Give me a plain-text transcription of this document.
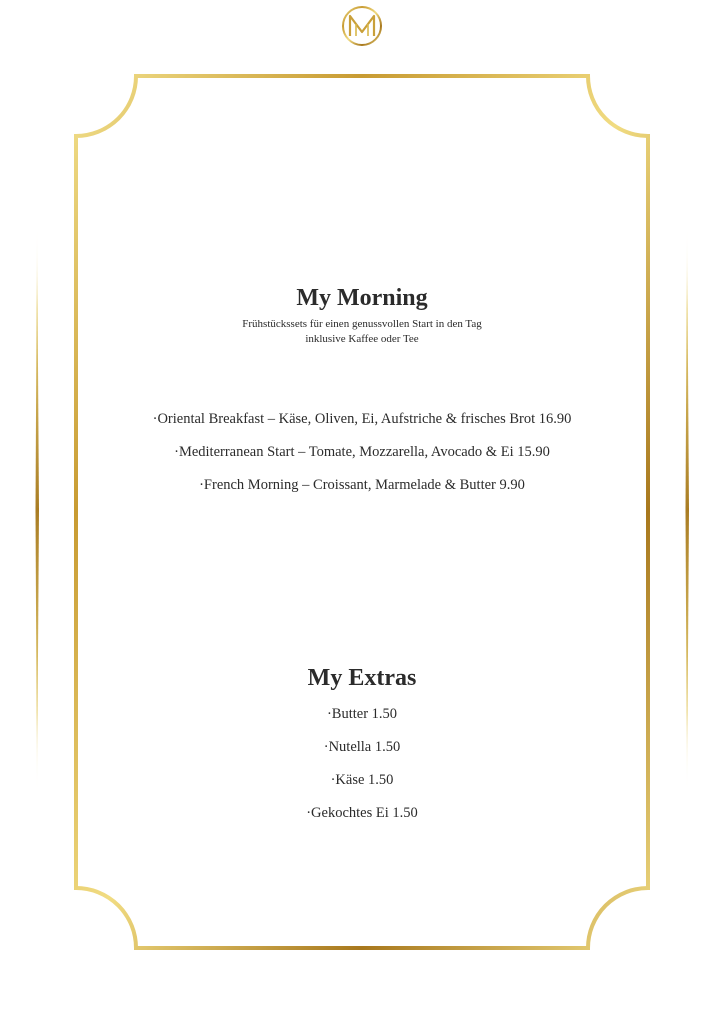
My Morning

Frühstückssets für einen genussvollen Start in den Tag

inklusive Kaffee oder Tee

·Oriental Breakfast – Käse, Oliven, Ei, Aufstriche & frisches Brot 16.90
·Mediterranean Start – Tomate, Mozzarella, Avocado & Ei 15.90
·French Morning – Croissant, Marmelade & Butter 9.90
My Extras
·Butter 1.50
·Nutella 1.50
·Käse 1.50
·Gekochtes Ei 1.50
